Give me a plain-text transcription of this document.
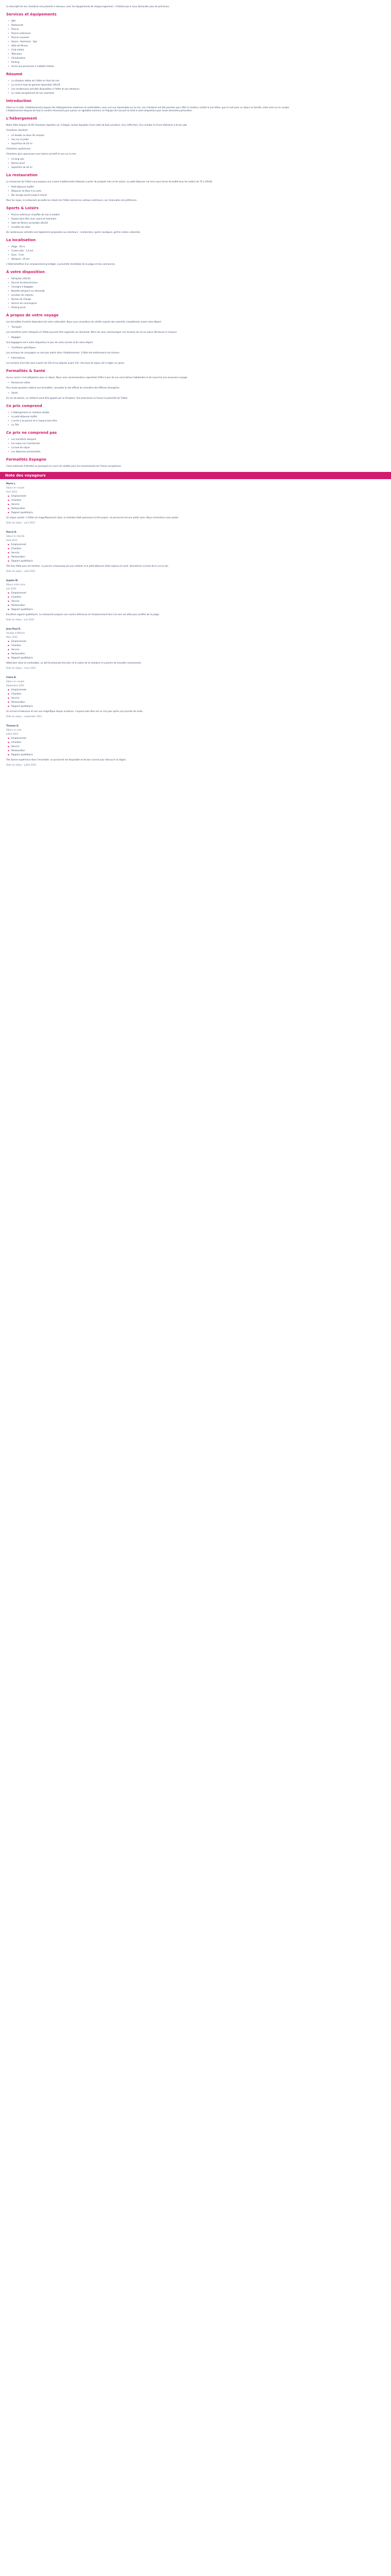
Le descriptif de nos chambres est présenté ci-dessous, avec les équipements de chaque logement ; n'hésitez pas à nous demander plus de précisions.

Services et équipements
• Wifi
• Restaurant
• Piscine
• Piscine extérieure
• Piscine couverte
• Sauna - Hammam - Spa
• Salle de fitness
• Club enfant
• Télévision
• Climatisation
• Parking
• Accès aux personnes à mobilité réduite
Résumé
• La situation idéale de l'hôtel en front de mer
• Le service haut de gamme disponible 24h/24
• Les nombreuses activités disponibles à l'hôtel et aux alentours
• Le cadre exceptionnel de nos chambres
Introduction

Situé sur la côte, l'établissement propose des hébergements modernes et confortables, avec une vue imprenable sur la mer. Les chambres ont été pensées pour offrir le meilleur confort à nos hôtes, que ce soit pour un séjour en famille, entre amis ou en couple. L'établissement dispose de tout le confort nécessaire pour passer un agréable moment, et l'équipe de l'accueil se tient à votre disposition pour toute demande particulière.

L'hébergement

Notre hôtel dispose de 60 chambres réparties sur 3 étages, toutes équipées d'une salle de bain privative, d'un coffre-fort, d'un minibar et d'une télévision à écran plat.

Chambres standard

• Lit double ou deux lits simples
• Vue sur le jardin
• Superficie de 20 m²

Chambres supérieures

Chambres plus spacieuses avec balcon privatif et vue sur la mer.

• Lit king size
• Balcon privé
• Superficie de 30 m²
La restauration

Le restaurant de l'hôtel vous propose une cuisine traditionnelle élaborée à partir de produits frais et de saison. Le petit-déjeuner est servi sous forme de buffet tous les matins de 7h à 10h30.

• Petit-déjeuner buffet
• Déjeuner et dîner à la carte
• Bar lounge ouvert jusqu'à minuit

Pour les repas, le restaurant accueille les clients de l'hôtel comme les visiteurs extérieurs, sur réservation de préférence.

Sports & Loisirs
• Piscine extérieure chauffée de mai à octobre
• Espace bien-être avec sauna et hammam
• Salle de fitness accessible 24h/24
• Location de vélos

De nombreuses activités sont également proposées aux alentours : randonnées, sports nautiques, golf et visites culturelles.

La localisation
• Plage : 50 m
• Centre-ville : 1,5 km
• Gare : 5 km
• Aéroport : 25 km

L'hôtel bénéficie d'un emplacement privilégié, à proximité immédiate de la plage et des commerces.

À votre disposition
• Réception 24h/24
• Service de blanchisserie
• Consigne à bagages
• Navette aéroport sur demande
• Location de voitures
• Bureau de change
• Service de conciergerie
• Parking privé
À propos de votre voyage

Les formalités d'entrée dépendent de votre nationalité. Nous vous conseillons de vérifier auprès des autorités compétentes avant votre départ.

• Transport

Les transferts entre l'aéroport et l'hôtel peuvent être organisés sur demande. Merci de nous communiquer vos horaires de vol au moins 48 heures à l'avance.

• Bagages

Une bagagerie est à votre disposition le jour de votre arrivée et de votre départ.

• Conditions spécifiques

Les animaux de compagnie ne sont pas admis dans l'établissement. L'hôtel est entièrement non-fumeur.

• Informations

Les horaires d'arrivée sont à partir de 15h et les départs avant 11h. Une taxe de séjour est à régler sur place.

Formalités & Santé

Aucun vaccin n'est obligatoire pour ce séjour. Nous vous recommandons cependant d'être à jour de vos vaccinations habituelles et de souscrire une assurance voyage.

• Ressources utiles

Pour toute question relative aux formalités, consultez le site officiel du ministère des Affaires étrangères.

• Santé

En cas de besoin, un médecin peut être appelé par la réception. Une pharmacie se trouve à proximité de l'hôtel.

Ce prix comprend
• L'hébergement en chambre double
• Le petit-déjeuner buffet
• L'accès à la piscine et à l'espace bien-être
• La TVA
Ce prix ne comprend pas
• Les transferts aéroport
• Les repas non mentionnés
• La taxe de séjour
• Les dépenses personnelles
Formalités Espagne

Carte nationale d'identité ou passeport en cours de validité pour les ressortissants de l'Union européenne.

Note des voyageurs

Marie L.

Séjour en couple

Avril 2023

▪ Emplacement
▪ Chambre
▪ Service
▪ Restauration
▪ Rapport qualité/prix

Un séjour parfait ! L'hôtel est magnifiquement situé, la chambre était spacieuse et très propre. Le personnel est aux petits soins. Nous reviendrons avec plaisir.

Date du séjour : avril 2023

Pierre D.

Séjour en famille

Août 2022

▪ Emplacement
▪ Chambre
▪ Service
▪ Restauration
▪ Rapport qualité/prix

Très bon hôtel pour les familles. La piscine a beaucoup plu aux enfants et le petit-déjeuner était copieux et varié. Seul bémol, le bruit de la rue le soir.

Date du séjour : août 2022

Sophie M.

Séjour entre amis

Juin 2022

▪ Emplacement
▪ Chambre
▪ Service
▪ Restauration
▪ Rapport qualité/prix

Excellent rapport qualité/prix. Le restaurant propose une cuisine délicieuse et l'emplacement face à la mer est idéal pour profiter de la plage.

Date du séjour : juin 2022

Jean-Paul R.

Voyage d'affaires

Mars 2022

▪ Emplacement
▪ Chambre
▪ Service
▪ Restauration
▪ Rapport qualité/prix

Hôtel bien situé et confortable. Le wifi fonctionnait très bien et le calme de la chambre m'a permis de travailler sereinement.

Date du séjour : mars 2022

Claire B.

Séjour en couple

Septembre 2021

▪ Emplacement
▪ Chambre
▪ Service
▪ Restauration
▪ Rapport qualité/prix

Un accueil chaleureux et une vue magnifique depuis le balcon. L'espace bien-être est un vrai plus après une journée de visite.

Date du séjour : septembre 2021

Thomas G.

Séjour en solo

Juillet 2021

▪ Emplacement
▪ Chambre
▪ Service
▪ Restauration
▪ Rapport qualité/prix

Très bonne expérience dans l'ensemble. Le personnel est disponible et de bon conseil pour découvrir la région.

Date du séjour : juillet 2021
